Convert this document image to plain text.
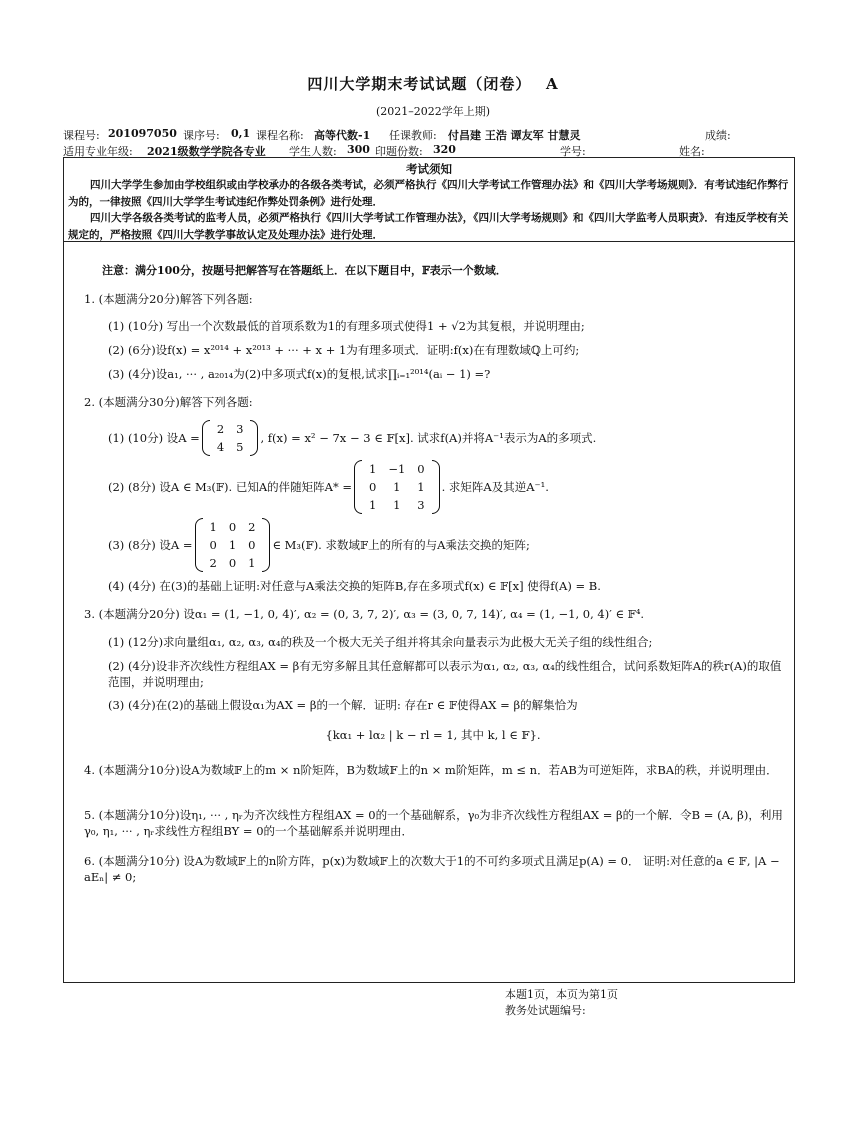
四川大学期末考试试题（闭卷）　 A
(2021–2022学年上期)
课程号: 201097050 课序号: 0,1 课程名称: 高等代数-1 任课教师: 付昌建 王浩 谭友军 甘慧灵	成绩:
适用专业年级: 2021级数学学院各专业 学生人数: 300 印题份数: 320	学号:	姓名:
考试须知
四川大学学生参加由学校组织或由学校承办的各级各类考试，必须严格执行《四川大学考试工作管理办法》和《四川大学考场规则》．有考试违纪作弊行为的，一律按照《四川大学学生考试违纪作弊处罚条例》进行处理．
四川大学各级各类考试的监考人员，必须严格执行《四川大学考试工作管理办法》，《四川大学考场规则》和《四川大学监考人员职责》．有违反学校有关规定的，严格按照《四川大学教学事故认定及处理办法》进行处理．
注意：满分100分，按题号把解答写在答题纸上．在以下题目中，𝔽表示一个数域．
1. (本题满分20分)解答下列各题:
(1) (10分) 写出一个次数最低的首项系数为1的有理多项式使得1 + √2为其复根，并说明理由;
(2) (6分)设f(x) = x²⁰¹⁴ + x²⁰¹³ + ··· + x + 1为有理多项式．证明:f(x)在有理数域ℚ上可约;
(3) (4分)设a₁, ··· , a₂₀₁₄为(2)中多项式f(x)的复根,试求∏ᵢ₌₁²⁰¹⁴(aᵢ − 1) =?
2. (本题满分30分)解答下列各题:
(1) (10分) 设A =
2	3
4	5
, f(x) = x² − 7x − 3 ∈ 𝔽[x]. 试求f(A)并将A⁻¹表示为A的多项式.
(2) (8分) 设A ∈ M₃(𝔽). 已知A的伴随矩阵A* =
1	−1	0
0	1	1
1	1	3
. 求矩阵A及其逆A⁻¹.
(3) (8分) 设A =
1	0	2
0	1	0
2	0	1
∈ M₃(𝔽). 求数域𝔽上的所有的与A乘法交换的矩阵;
(4) (4分) 在(3)的基础上证明:对任意与A乘法交换的矩阵B,存在多项式f(x) ∈ 𝔽[x] 使得f(A) = B.
3. (本题满分20分) 设α₁ = (1, −1, 0, 4)′, α₂ = (0, 3, 7, 2)′, α₃ = (3, 0, 7, 14)′, α₄ = (1, −1, 0, 4)′ ∈ 𝔽⁴.
(1) (12分)求向量组α₁, α₂, α₃, α₄的秩及一个极大无关子组并将其余向量表示为此极大无关子组的线性组合;
(2) (4分)设非齐次线性方程组AX = β有无穷多解且其任意解都可以表示为α₁, α₂, α₃, α₄的线性组合，试问系数矩阵A的秩r(A)的取值范围，并说明理由;
(3) (4分)在(2)的基础上假设α₁为AX = β的一个解．证明: 存在r ∈ 𝔽使得AX = β的解集恰为
{kα₁ + lα₂ | k − rl = 1, 其中 k, l ∈ 𝔽}.
4. (本题满分10分)设A为数域𝔽上的m × n阶矩阵，B为数域𝔽上的n × m阶矩阵，m ≤ n．若AB为可逆矩阵，求BA的秩，并说明理由．
5. (本题满分10分)设η₁, ··· , ηᵣ为齐次线性方程组AX = 0的一个基础解系，γ₀为非齐次线性方程组AX = β的一个解．令B = (A, β)，利用γ₀, η₁, ··· , ηᵣ求线性方程组BY = 0的一个基础解系并说明理由．
6. (本题满分10分) 设A为数域𝔽上的n阶方阵，p(x)为数域𝔽上的次数大于1的不可约多项式且满足p(A) = 0． 证明:对任意的a ∈ 𝔽, |A − aEₙ| ≠ 0;
本题1页，本页为第1页
教务处试题编号:
